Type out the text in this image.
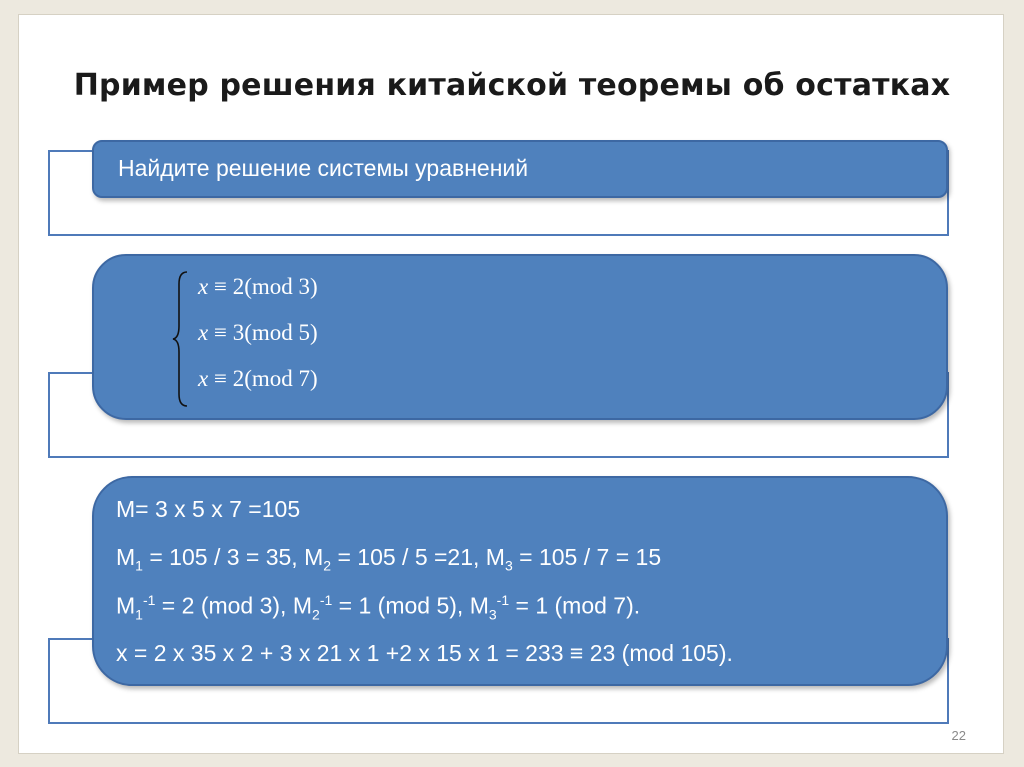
Пример решения китайской теоремы об остатках
Найдите решение системы уравнений
x ≡ 2(mod 3)
x ≡ 3(mod 5)
x ≡ 2(mod 7)
M= 3 x 5 x 7 =105
$M_1 = 105 / 3 = 35$, $M_2 = 105 / 5 =21$, $M_3 = 105 / 7 = 15$
$M_1^{-1} = 2$ (mod 3), $M_2^{-1} = 1$ (mod 5), $M_3^{-1} = 1$ (mod 7).
x = 2 x 35 x 2 + 3 x 21 x 1 +2 x 15 x 1 = 233 ≡ 23 (mod 105).
22
